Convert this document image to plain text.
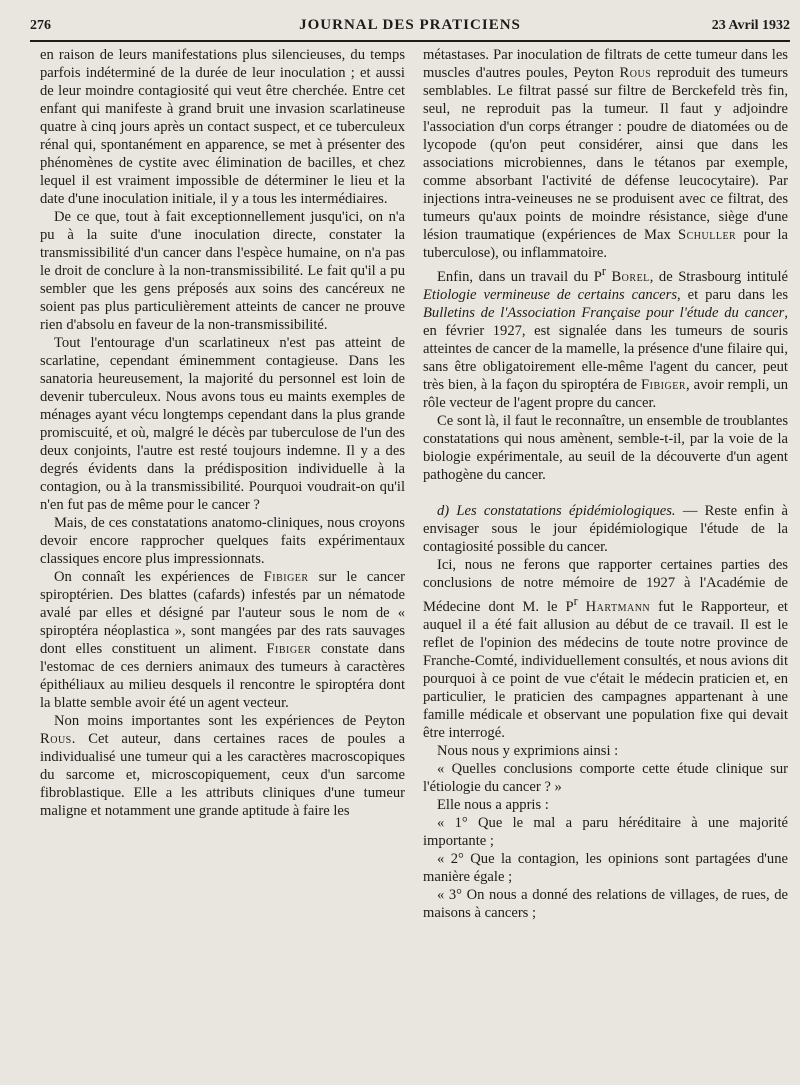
276	JOURNAL DES PRATICIENS	23 Avril 1932

en raison de leurs manifestations plus silencieuses, du temps parfois indéterminé de la durée de leur inoculation ; et aussi de leur moindre contagiosité qui veut être cherchée. Entre cet enfant qui manifeste à grand bruit une invasion scarlatineuse quatre à cinq jours après un contact suspect, et ce tuberculeux rénal qui, spontanément en apparence, se met à présenter des phénomènes de cystite avec élimination de bacilles, et chez lequel il est vraiment impossible de déterminer le lieu et la date d'une inoculation initiale, il y a tous les intermédiaires.

De ce que, tout à fait exceptionnellement jusqu'ici, on n'a pu à la suite d'une inoculation directe, constater la transmissibilité d'un cancer dans l'espèce humaine, on n'a pas le droit de conclure à la non-transmissibilité. Le fait qu'il a pu sembler que les gens préposés aux soins des cancéreux ne soient pas plus particulièrement atteints de cancer ne prouve rien d'absolu en faveur de la non-transmissibilité.

Tout l'entourage d'un scarlatineux n'est pas atteint de scarlatine, cependant éminemment contagieuse. Dans les sanatoria heureusement, la majorité du personnel est loin de devenir tuberculeux. Nous avons tous eu maints exemples de ménages ayant vécu longtemps cependant dans la plus grande promiscuité, et où, malgré le décès par tuberculose de l'un des deux conjoints, l'autre est resté toujours indemne. Il y a des degrés évidents dans la prédisposition individuelle à la contagion, ou à la transmissibilité. Pourquoi voudrait-on qu'il n'en fut pas de même pour le cancer ?

Mais, de ces constatations anatomo-cliniques, nous croyons devoir encore rapprocher quelques faits expérimentaux classiques encore plus impressionnats.

On connaît les expériences de Fibiger sur le cancer spiroptérien. Des blattes (cafards) infestés par un nématode avalé par elles et désigné par l'auteur sous le nom de « spiroptéra néoplastica », sont mangées par des rats sauvages dont elles constituent un aliment. Fibiger constate dans l'estomac de ces derniers animaux des tumeurs à caractères épithéliaux au milieu desquels il rencontre le spiroptéra dont la blatte semble avoir été un agent vecteur.

Non moins importantes sont les expériences de Peyton Rous. Cet auteur, dans certaines races de poules a individualisé une tumeur qui a les caractères macroscopiques du sarcome et, microscopiquement, ceux d'un sarcome fibroblastique. Elle a les attributs cliniques d'une tumeur maligne et notamment une grande aptitude à faire les

métastases. Par inoculation de filtrats de cette tumeur dans les muscles d'autres poules, Peyton Rous reproduit des tumeurs semblables. Le filtrat passé sur filtre de Berckefeld très fin, seul, ne reproduit pas la tumeur. Il faut y adjoindre l'association d'un corps étranger : poudre de diatomées ou de lycopode (qu'on peut considérer, ainsi que dans les associations microbiennes, dans le tétanos par exemple, comme absorbant l'activité de défense leucocytaire). Par injections intra-veineuses ne se produisent avec ce filtrat, des tumeurs qu'aux points de moindre résistance, siège d'une lésion traumatique (expériences de Max Schuller pour la tuberculose), ou inflammatoire.

Enfin, dans un travail du $P^r$ Borel, de Strasbourg intitulé Etiologie vermineuse de certains cancers, et paru dans les Bulletins de l'Association Française pour l'étude du cancer, en février 1927, est signalée dans les tumeurs de souris atteintes de cancer de la mamelle, la présence d'une filaire qui, sans être obligatoirement elle-même l'agent du cancer, peut très bien, à la façon du spiroptéra de Fibiger, avoir rempli, un rôle vecteur de l'agent propre du cancer.

Ce sont là, il faut le reconnaître, un ensemble de troublantes constatations qui nous amènent, semble-t-il, par la voie de la biologie expérimentale, au seuil de la découverte d'un agent pathogène du cancer.

d) Les constatations épidémiologiques. — Reste enfin à envisager sous le jour épidémiologique l'étude de la contagiosité possible du cancer.

Ici, nous ne ferons que rapporter certaines parties des conclusions de notre mémoire de 1927 à l'Académie de Médecine dont M. le $P^r$ Hartmann fut le Rapporteur, et auquel il a été fait allusion au début de ce travail. Il est le reflet de l'opinion des médecins de toute notre province de Franche-Comté, individuellement consultés, et nous avions dit pourquoi à ce point de vue c'était le médecin praticien et, en particulier, le praticien des campagnes appartenant à une famille médicale et observant une population fixe qui devait être interrogé.

Nous nous y exprimions ainsi :

« Quelles conclusions comporte cette étude clinique sur l'étiologie du cancer ? »

Elle nous a appris :

« 1° Que le mal a paru héréditaire à une majorité importante ;

« 2° Que la contagion, les opinions sont partagées d'une manière égale ;

« 3° On nous a donné des relations de villages, de rues, de maisons à cancers ;
